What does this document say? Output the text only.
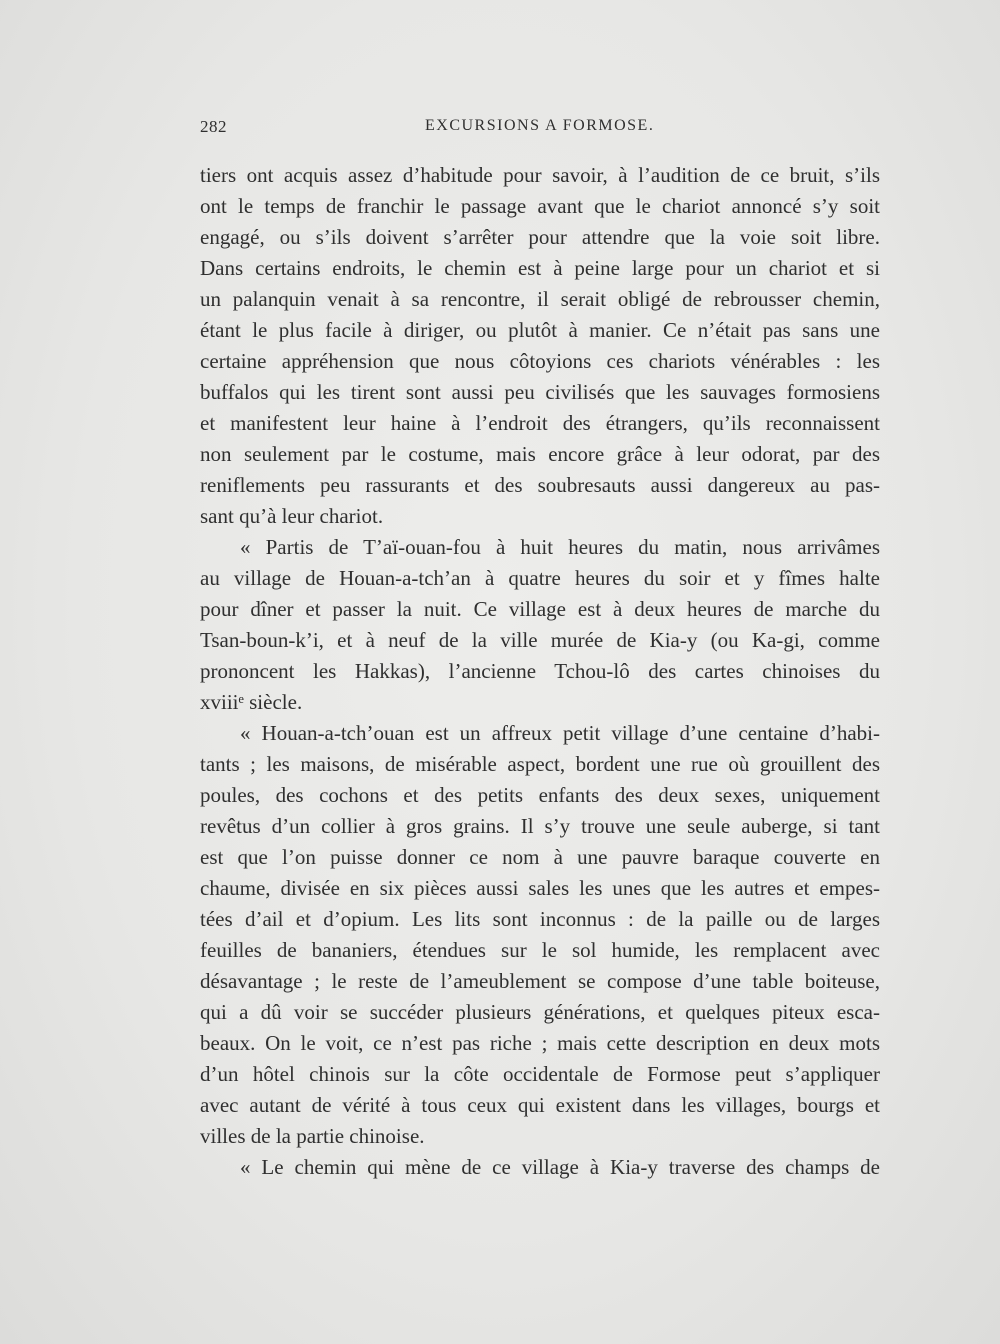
282	EXCURSIONS A FORMOSE.
tiers ont acquis assez d’habitude pour savoir, à l’audition de ce bruit, s’ils
ont le temps de franchir le passage avant que le chariot annoncé s’y soit
engagé, ou s’ils doivent s’arrêter pour attendre que la voie soit libre.
Dans certains endroits, le chemin est à peine large pour un chariot et si
un palanquin venait à sa rencontre, il serait obligé de rebrousser chemin,
étant le plus facile à diriger, ou plutôt à manier. Ce n’était pas sans une
certaine appréhension que nous côtoyions ces chariots vénérables : les
buffalos qui les tirent sont aussi peu civilisés que les sauvages formosiens
et manifestent leur haine à l’endroit des étrangers, qu’ils reconnaissent
non seulement par le costume, mais encore grâce à leur odorat, par des
reniflements peu rassurants et des soubresauts aussi dangereux au pas-
sant qu’à leur chariot.
« Partis de T’aï-ouan-fou à huit heures du matin, nous arrivâmes
au village de Houan-a-tch’an à quatre heures du soir et y fîmes halte
pour dîner et passer la nuit. Ce village est à deux heures de marche du
Tsan-boun-k’i, et à neuf de la ville murée de Kia-y (ou Ka-gi, comme
prononcent les Hakkas), l’ancienne Tchou-lô des cartes chinoises du
xviiiᵉ siècle.
« Houan-a-tch’ouan est un affreux petit village d’une centaine d’habi-
tants ; les maisons, de misérable aspect, bordent une rue où grouillent des
poules, des cochons et des petits enfants des deux sexes, uniquement
revêtus d’un collier à gros grains. Il s’y trouve une seule auberge, si tant
est que l’on puisse donner ce nom à une pauvre baraque couverte en
chaume, divisée en six pièces aussi sales les unes que les autres et empes-
tées d’ail et d’opium. Les lits sont inconnus : de la paille ou de larges
feuilles de bananiers, étendues sur le sol humide, les remplacent avec
désavantage ; le reste de l’ameublement se compose d’une table boiteuse,
qui a dû voir se succéder plusieurs générations, et quelques piteux esca-
beaux. On le voit, ce n’est pas riche ; mais cette description en deux mots
d’un hôtel chinois sur la côte occidentale de Formose peut s’appliquer
avec autant de vérité à tous ceux qui existent dans les villages, bourgs et
villes de la partie chinoise.
« Le chemin qui mène de ce village à Kia-y traverse des champs de
